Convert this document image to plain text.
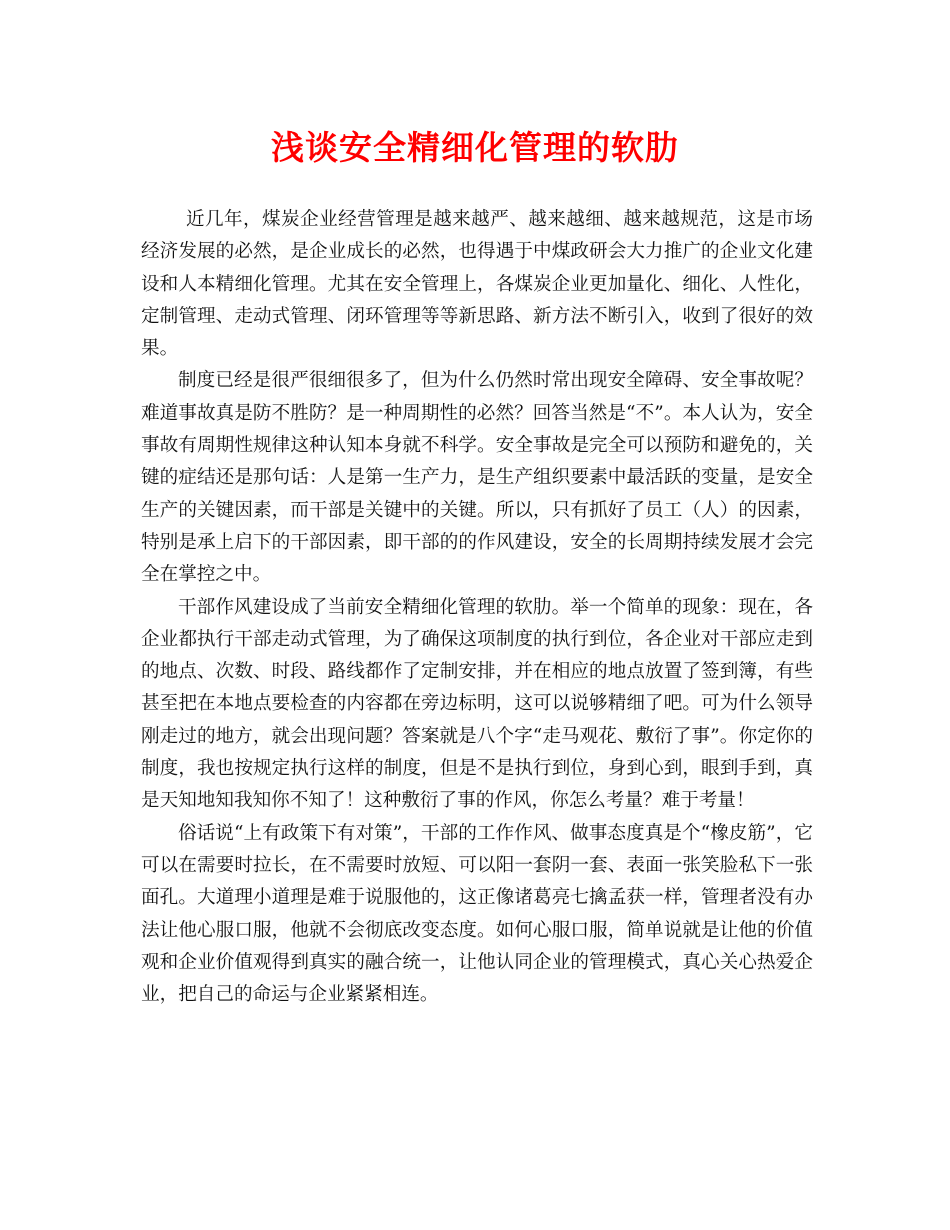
浅谈安全精细化管理的软肋

近几年，煤炭企业经营管理是越来越严、越来越细、越来越规范，这是市场经济发展的必然，是企业成长的必然，也得遇于中煤政研会大力推广的企业文化建设和人本精细化管理。尤其在安全管理上，各煤炭企业更加量化、细化、人性化，定制管理、走动式管理、闭环管理等等新思路、新方法不断引入，收到了很好的效果。

制度已经是很严很细很多了，但为什么仍然时常出现安全障碍、安全事故呢？难道事故真是防不胜防？是一种周期性的必然？回答当然是“不”。本人认为，安全事故有周期性规律这种认知本身就不科学。安全事故是完全可以预防和避免的，关键的症结还是那句话：人是第一生产力，是生产组织要素中最活跃的变量，是安全生产的关键因素，而干部是关键中的关键。所以，只有抓好了员工（人）的因素，特别是承上启下的干部因素，即干部的的作风建设，安全的长周期持续发展才会完全在掌控之中。

干部作风建设成了当前安全精细化管理的软肋。举一个简单的现象：现在，各企业都执行干部走动式管理，为了确保这项制度的执行到位，各企业对干部应走到的地点、次数、时段、路线都作了定制安排，并在相应的地点放置了签到簿，有些甚至把在本地点要检查的内容都在旁边标明，这可以说够精细了吧。可为什么领导刚走过的地方，就会出现问题？答案就是八个字“走马观花、敷衍了事”。你定你的制度，我也按规定执行这样的制度，但是不是执行到位，身到心到，眼到手到，真是天知地知我知你不知了！这种敷衍了事的作风，你怎么考量？难于考量！

俗话说“上有政策下有对策”，干部的工作作风、做事态度真是个“橡皮筋”，它可以在需要时拉长，在不需要时放短、可以阳一套阴一套、表面一张笑脸私下一张面孔。大道理小道理是难于说服他的，这正像诸葛亮七擒孟获一样，管理者没有办法让他心服口服，他就不会彻底改变态度。如何心服口服，简单说就是让他的价值观和企业价值观得到真实的融合统一，让他认同企业的管理模式，真心关心热爱企业，把自己的命运与企业紧紧相连。
